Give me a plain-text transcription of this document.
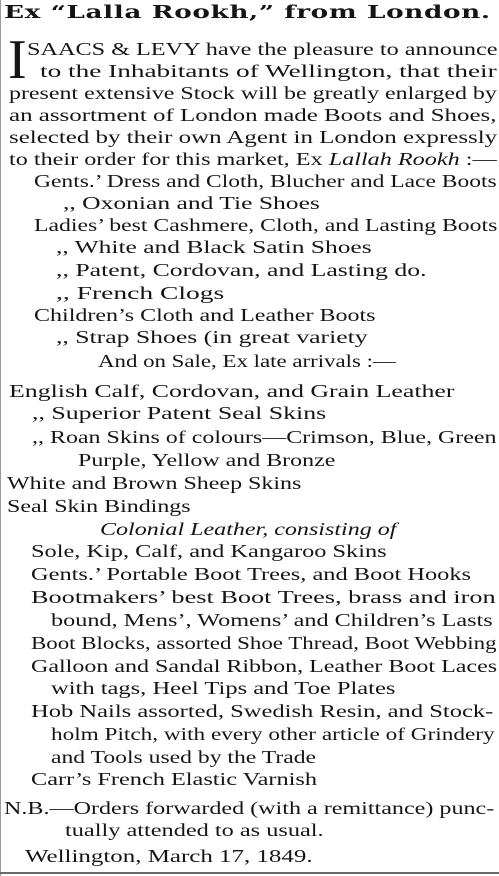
Ex “Lalla Rookh,” from London.
I SAACS & LEVY have the pleasure to announce
to the Inhabitants of Wellington, that their
present extensive Stock will be greatly enlarged by
an assortment of London made Boots and Shoes,
selected by their own Agent in London expressly
to their order for this market, Ex Lallah Rookh :—
Gents.’ Dress and Cloth, Blucher and Lace Boots
,, Oxonian and Tie Shoes
Ladies’ best Cashmere, Cloth, and Lasting Boots
,, White and Black Satin Shoes
,, Patent, Cordovan, and Lasting do.
,, French Clogs
Children’s Cloth and Leather Boots
,, Strap Shoes (in great variety
And on Sale, Ex late arrivals :—
English Calf, Cordovan, and Grain Leather
,, Superior Patent Seal Skins
,, Roan Skins of colours—Crimson, Blue, Green
Purple, Yellow and Bronze
White and Brown Sheep Skins
Seal Skin Bindings
Colonial Leather, consisting of
Sole, Kip, Calf, and Kangaroo Skins
Gents.’ Portable Boot Trees, and Boot Hooks
Bootmakers’ best Boot Trees, brass and iron
bound, Mens’, Womens’ and Children’s Lasts
Boot Blocks, assorted Shoe Thread, Boot Webbing
Galloon and Sandal Ribbon, Leather Boot Laces
with tags, Heel Tips and Toe Plates
Hob Nails assorted, Swedish Resin, and Stock-
holm Pitch, with every other article of Grindery
and Tools used by the Trade
Carr’s French Elastic Varnish
N.B.—Orders forwarded (with a remittance) punc-
tually attended to as usual.
Wellington, March 17, 1849.
